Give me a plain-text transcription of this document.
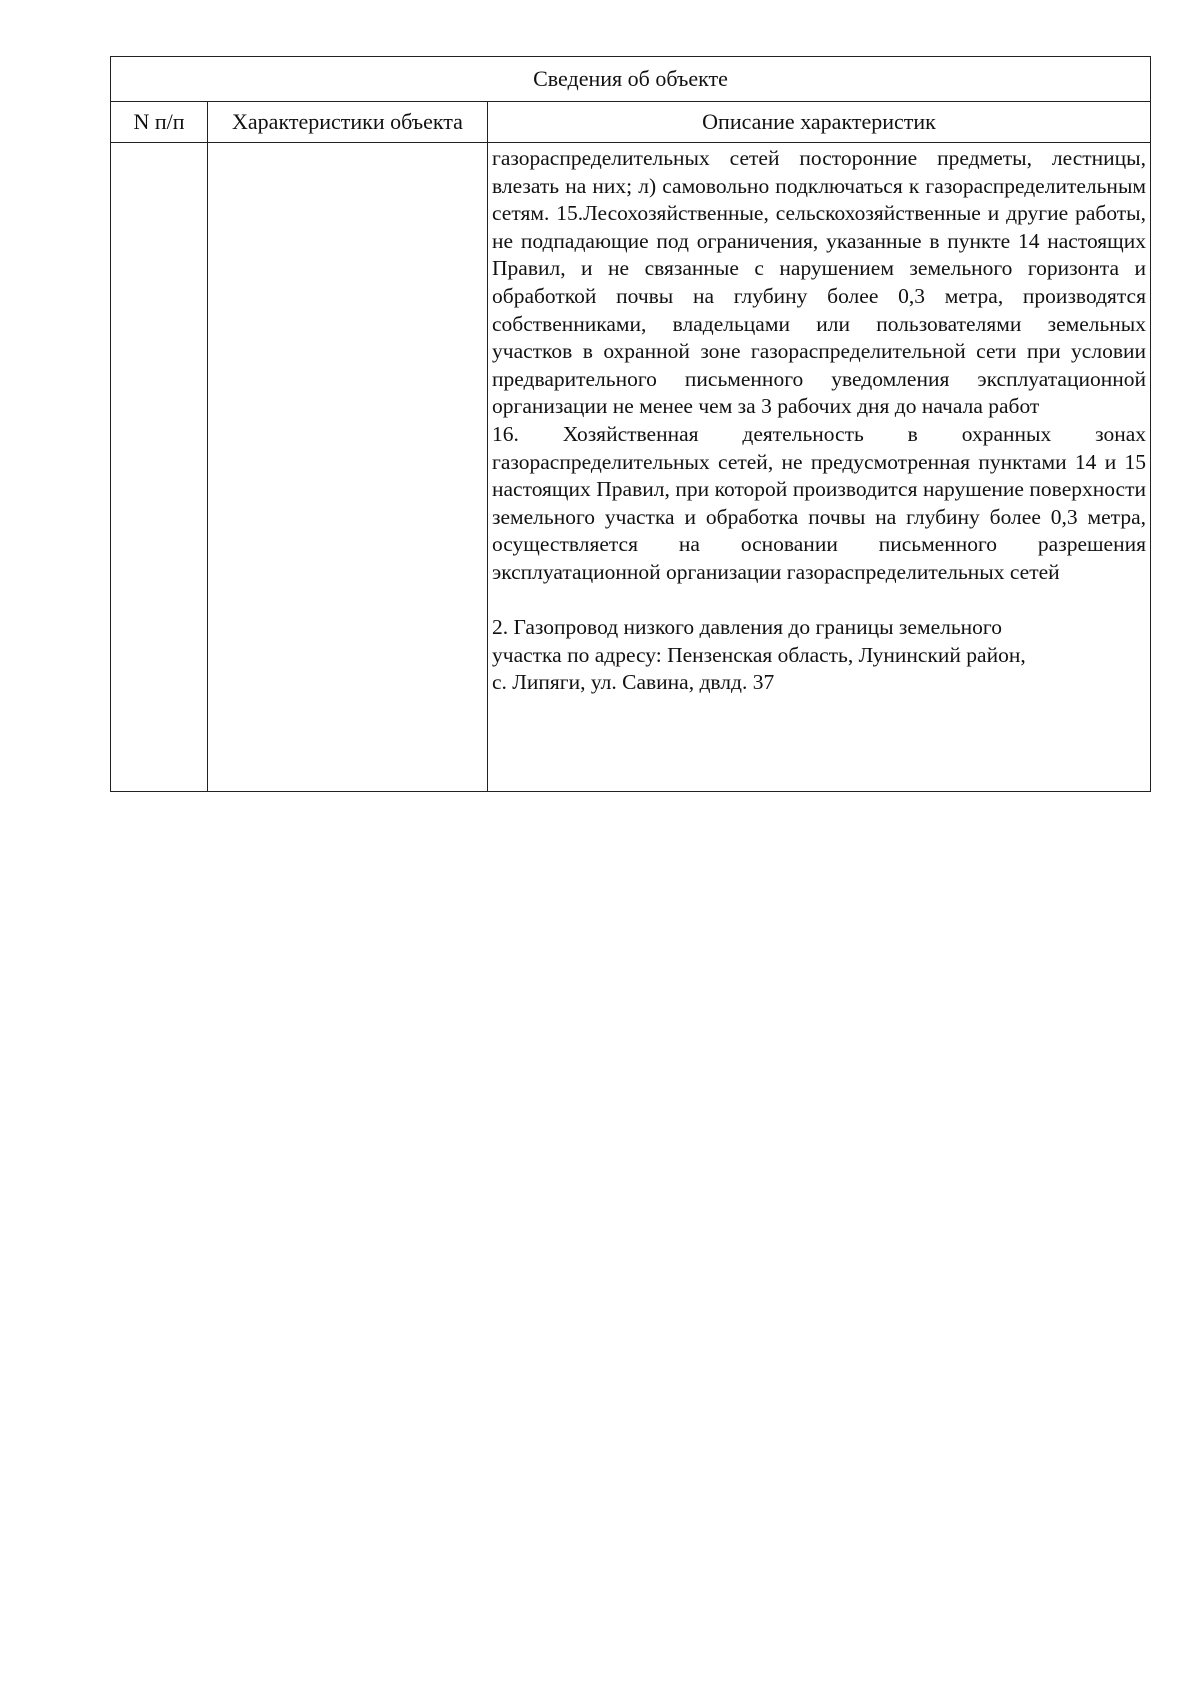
Сведения об объекте		
N п/п	Характеристики объекта	Описание характеристик

		газораспределительных сетей посторонние предметы, лестницы, влезать на них; л) самовольно подключаться к газораспределительным сетям. 15.Лесохозяйственные, сельскохозяйственные и другие работы, не подпадающие под ограничения, указанные в пункте 14 настоящих Правил, и не связанные с нарушением земельного горизонта и обработкой почвы на глубину более 0,3 метра, производятся собственниками, владельцами или пользователями земельных участков в охранной зоне газораспределительной сети при условии предварительного письменного уведомления эксплуатационной организации не менее чем за 3 рабочих дня до начала работ

16. Хозяйственная деятельность в охранных зонах газораспределительных сетей, не предусмотренная пунктами 14 и 15 настоящих Правил, при которой производится нарушение поверхности земельного участка и обработка почвы на глубину более 0,3 метра, осуществляется на основании письменного разрешения эксплуатационной организации газораспределительных сетей

2. Газопровод низкого давления до границы земельного

участка по адресу: Пензенская область, Лунинский район,

с. Липяги, ул. Савина, двлд. 37
